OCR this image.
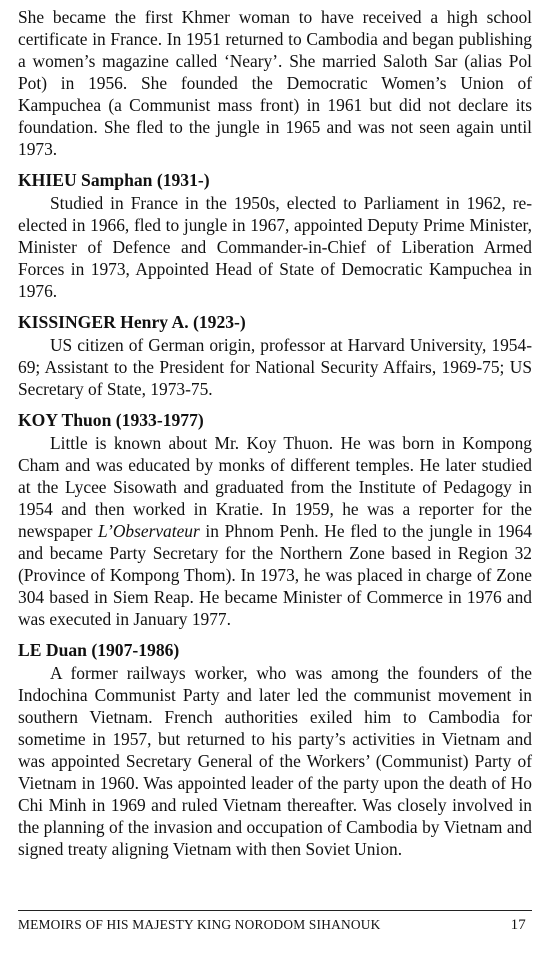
She became the first Khmer woman to have received a high school certificate in France. In 1951 returned to Cambodia and began publishing a women’s magazine called ‘Neary’. She married Saloth Sar (alias Pol Pot) in 1956. She founded the Democratic Women’s Union of Kampuchea (a Communist mass front) in 1961 but did not declare its foundation. She fled to the jungle in 1965 and was not seen again until 1973.

KHIEU Samphan (1931-)

Studied in France in the 1950s, elected to Parliament in 1962, re-elected in 1966, fled to jungle in 1967, appointed Deputy Prime Minister, Minister of Defence and Commander-in-Chief of Liberation Armed Forces in 1973, Appointed Head of State of Democratic Kampuchea in 1976.

KISSINGER Henry A. (1923-)

US citizen of German origin, professor at Harvard University, 1954-69; Assistant to the President for National Security Affairs, 1969-75; US Secretary of State, 1973-75.

KOY Thuon (1933-1977)

Little is known about Mr. Koy Thuon. He was born in Kompong Cham and was educated by monks of different temples. He later studied at the Lycee Sisowath and graduated from the Institute of Pedagogy in 1954 and then worked in Kratie. In 1959, he was a reporter for the newspaper L’Observateur in Phnom Penh. He fled to the jungle in 1964 and became Party Secretary for the Northern Zone based in Region 32 (Province of Kompong Thom). In 1973, he was placed in charge of Zone 304 based in Siem Reap. He became Minister of Commerce in 1976 and was executed in January 1977.

LE Duan (1907-1986)

A former railways worker, who was among the founders of the Indochina Communist Party and later led the communist movement in southern Vietnam. French authorities exiled him to Cambodia for sometime in 1957, but returned to his party’s activities in Vietnam and was appointed Secretary General of the Workers’ (Communist) Party of Vietnam in 1960. Was appointed leader of the party upon the death of Ho Chi Minh in 1969 and ruled Vietnam thereafter. Was closely involved in the planning of the invasion and occupation of Cambodia by Vietnam and signed treaty aligning Vietnam with then Soviet Union.

MEMOIRS OF HIS MAJESTY KING NORODOM SIHANOUK	17
